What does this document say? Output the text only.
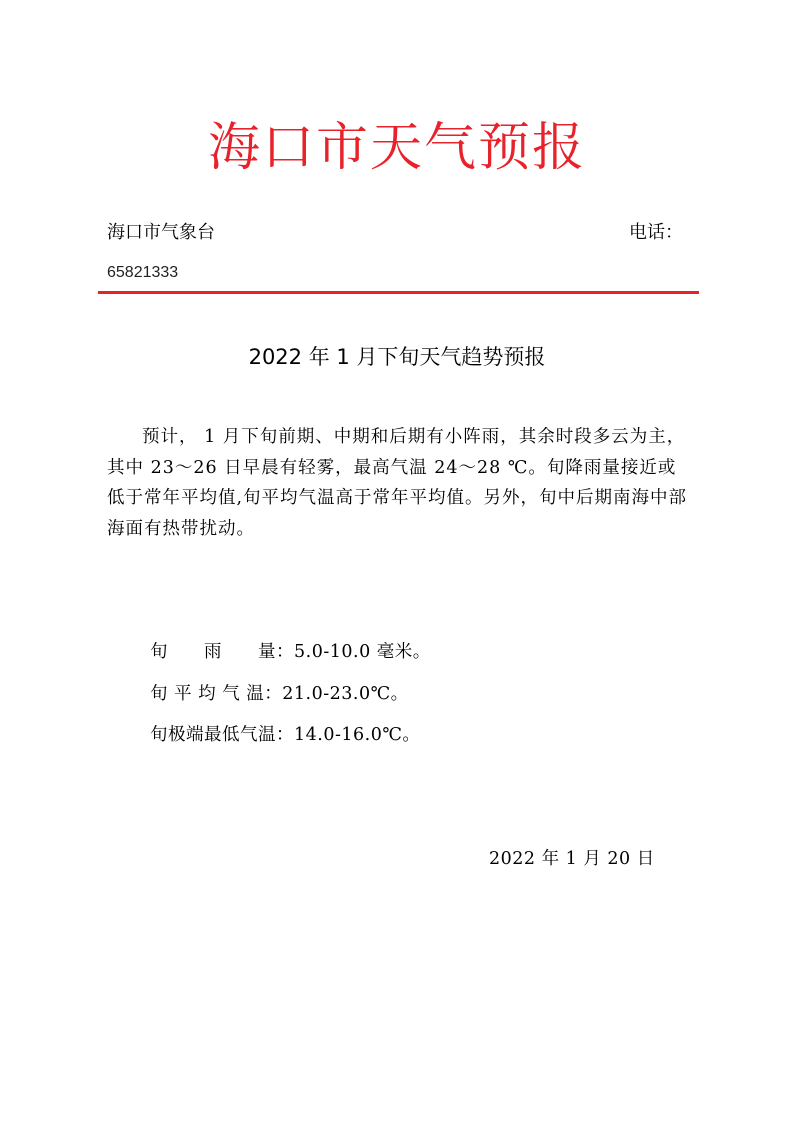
海口市天气预报
海口市气象台	电话：
65821333
2022 年 1 月下旬天气趋势预报

预计， 1 月下旬前期、中期和后期有小阵雨，其余时段多云为主，其中 23～26 日早晨有轻雾，最高气温 24～28 ℃。旬降雨量接近或低于常年平均值,旬平均气温高于常年平均值。另外，旬中后期南海中部海面有热带扰动。

旬　　雨　　量：5.0-10.0 毫米。
旬 平 均 气 温：21.0-23.0℃。
旬极端最低气温：14.0-16.0℃。
2022 年 1 月 20 日
